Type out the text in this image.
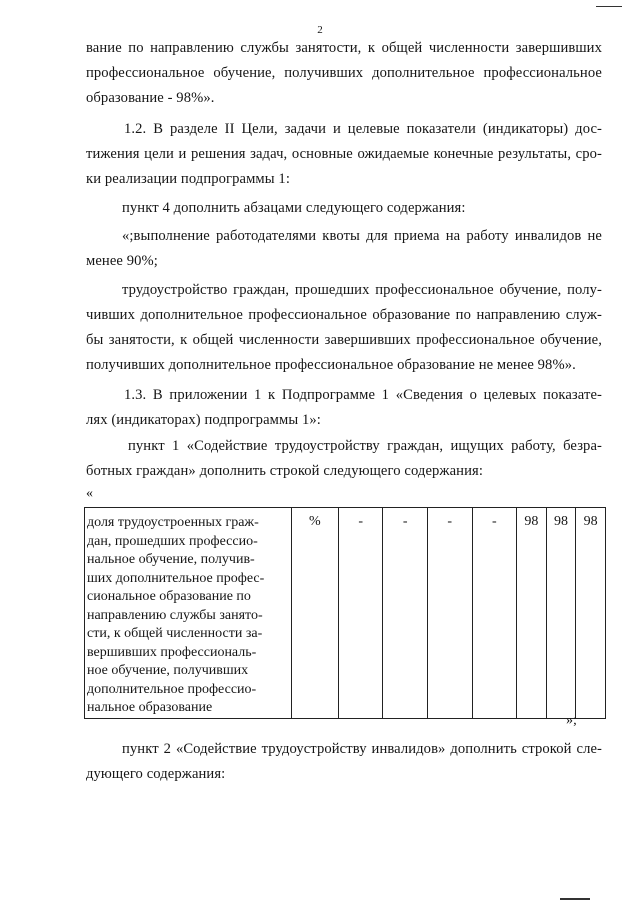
2
вание по направлению службы занятости, к общей численности завершивших
профессиональное обучение, получивших дополнительное профессиональное
образование - 98%».
1.2. В разделе II Цели, задачи и целевые показатели (индикаторы) дос-
тижения цели и решения задач, основные ожидаемые конечные результаты, сро-
ки реализации подпрограммы 1:
пункт 4 дополнить абзацами следующего содержания:
«;выполнение работодателями квоты для приема на работу инвалидов не
менее 90%;
трудоустройство граждан, прошедших профессиональное обучение, полу-
чивших дополнительное профессиональное образование по направлению служ-
бы занятости, к общей численности завершивших профессиональное обучение,
получивших дополнительное профессиональное образование не менее 98%».
1.3. В приложении 1 к Подпрограмме 1 «Сведения о целевых показате-
лях (индикаторах) подпрограммы 1»:
пункт 1 «Содействие трудоустройству граждан, ищущих работу, безра-
ботных граждан» дополнить строкой следующего содержания:
«
доля трудоустроенных граж-
дан, прошедших профессио-
нальное обучение, получив-
ших дополнительное профес-
сиональное образование по
направлению службы занято-
сти, к общей численности за-
вершивших профессиональ-
ное обучение, получивших
дополнительное профессио-
нальное образование
	%	-	-	-	-	98	98	98
»;
пункт 2 «Содействие трудоустройству инвалидов» дополнить строкой сле-
дующего содержания:
